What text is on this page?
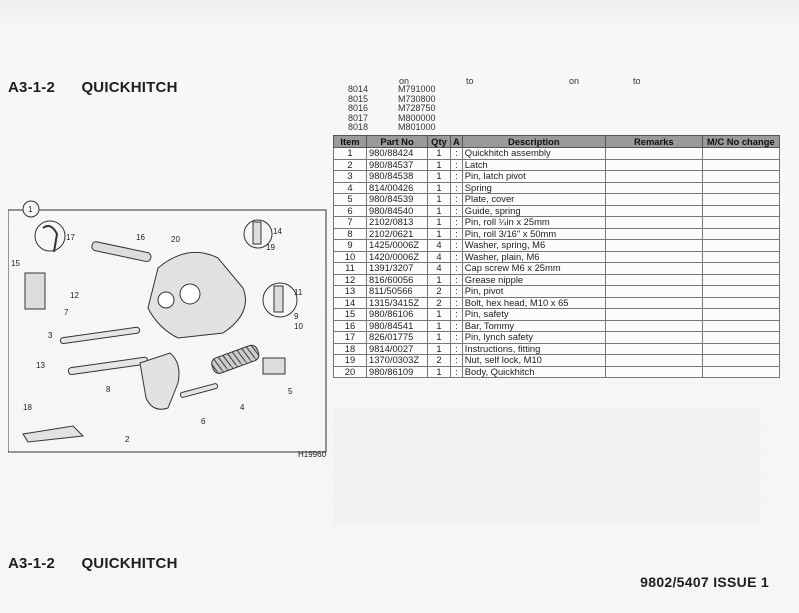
A3-1-2 QUICKHITCH	on	to	on	to
8014	M791000
8015	M730800
8016	M728750
8017	M800000
8018	M801000
Item	Part No	Qty	A	Description	Remarks	M/C No change
1	980/88424	1	:	Quickhitch assembly		
2	980/84537	1	:	Latch		
3	980/84538	1	:	Pin, latch pivot		
4	814/00426	1	:	Spring		
5	980/84539	1	:	Plate, cover		
6	980/84540	1	:	Guide, spring		
7	2102/0813	1	:	Pin, roll ¼in x 25mm		
8	2102/0621	1	:	Pin, roll 3/16" x 50mm		
9	1425/0006Z	4	:	Washer, spring, M6		
10	1420/0006Z	4	:	Washer, plain, M6		
11	1391/3207	4	:	Cap screw M6 x 25mm		
12	816/60056	1	:	Grease nipple		
13	811/50566	2	:	Pin, pivot		
14	1315/3415Z	2	:	Bolt, hex head, M10 x 65		
15	980/86106	1	:	Pin, safety		
16	980/84541	1	:	Bar, Tommy		
17	826/01775	1	:	Pin, lynch safety		
18	9814/0027	1	:	Instructions, fitting		
19	1370/0303Z	2	:	Nut, self lock, M10		
20	980/86109	1	:	Body, Quickhitch		
1
17	16	20
14
19
15
11
9
10
12
7
3
13
8	5
18	4
6
2
H19960
A3-1-2 QUICKHITCH
9802/5407 ISSUE 1
